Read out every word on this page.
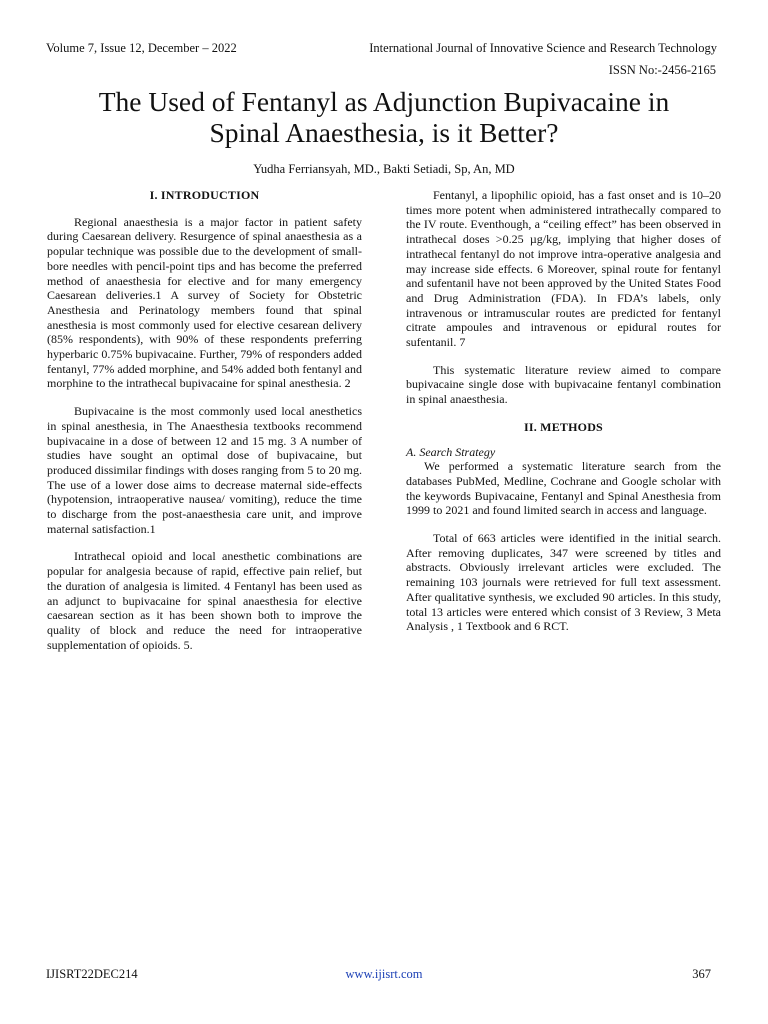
Volume 7, Issue 12, December – 2022	International Journal of Innovative Science and Research Technology
ISSN No:-2456-2165
The Used of Fentanyl as Adjunction Bupivacaine in
Spinal Anaesthesia, is it Better?
Yudha Ferriansyah, MD., Bakti Setiadi, Sp, An, MD
I. INTRODUCTION

Regional anaesthesia is a major factor in patient safety during Caesarean delivery. Resurgence of spinal anaesthesia as a popular technique was possible due to the development of small-bore needles with pencil-point tips and has become the preferred method of anaesthesia for elective and for many emergency Caesarean deliveries.1 A survey of Society for Obstetric Anesthesia and Perinatology members found that spinal anesthesia is most commonly used for elective cesarean delivery (85% respondents), with 90% of these respondents preferring hyperbaric 0.75% bupivacaine. Further, 79% of responders added fentanyl, 77% added morphine, and 54% added both fentanyl and morphine to the intrathecal bupivacaine for spinal anesthesia. 2

Bupivacaine is the most commonly used local anesthetics in spinal anesthesia, in The Anaesthesia textbooks recommend bupivacaine in a dose of between 12 and 15 mg. 3 A number of studies have sought an optimal dose of bupivacaine, but produced dissimilar findings with doses ranging from 5 to 20 mg. The use of a lower dose aims to decrease maternal side-effects (hypotension, intraoperative nausea/ vomiting), reduce the time to discharge from the post-anaesthesia care unit, and improve maternal satisfaction.1

Intrathecal opioid and local anesthetic combinations are popular for analgesia because of rapid, effective pain relief, but the duration of analgesia is limited. 4 Fentanyl has been used as an adjunct to bupivacaine for spinal anaesthesia for elective caesarean section as it has been shown both to improve the quality of block and reduce the need for intraoperative supplementation of opioids. 5.

Fentanyl, a lipophilic opioid, has a fast onset and is 10–20 times more potent when administered intrathecally compared to the IV route. Eventhough, a “ceiling effect” has been observed in intrathecal doses >0.25 µg/kg, implying that higher doses of intrathecal fentanyl do not improve intra-operative analgesia and may increase side effects. 6 Moreover, spinal route for fentanyl and sufentanil have not been approved by the United States Food and Drug Administration (FDA). In FDA’s labels, only intravenous or intramuscular routes are predicted for fentanyl citrate ampoules and intravenous or epidural routes for sufentanil. 7

This systematic literature review aimed to compare bupivacaine single dose with bupivacaine fentanyl combination in spinal anaesthesia.

II. METHODS
A. Search Strategy

We performed a systematic literature search from the databases PubMed, Medline, Cochrane and Google scholar with the keywords Bupivacaine, Fentanyl and Spinal Anesthesia from 1999 to 2021 and found limited search in access and language.

Total of 663 articles were identified in the initial search. After removing duplicates, 347 were screened by titles and abstracts. Obviously irrelevant articles were excluded. The remaining 103 journals were retrieved for full text assessment. After qualitative synthesis, we excluded 90 articles. In this study, total 13 articles were entered which consist of 3 Review, 3 Meta Analysis , 1 Textbook and 6 RCT.

IJISRT22DEC214	www.ijisrt.com	367
